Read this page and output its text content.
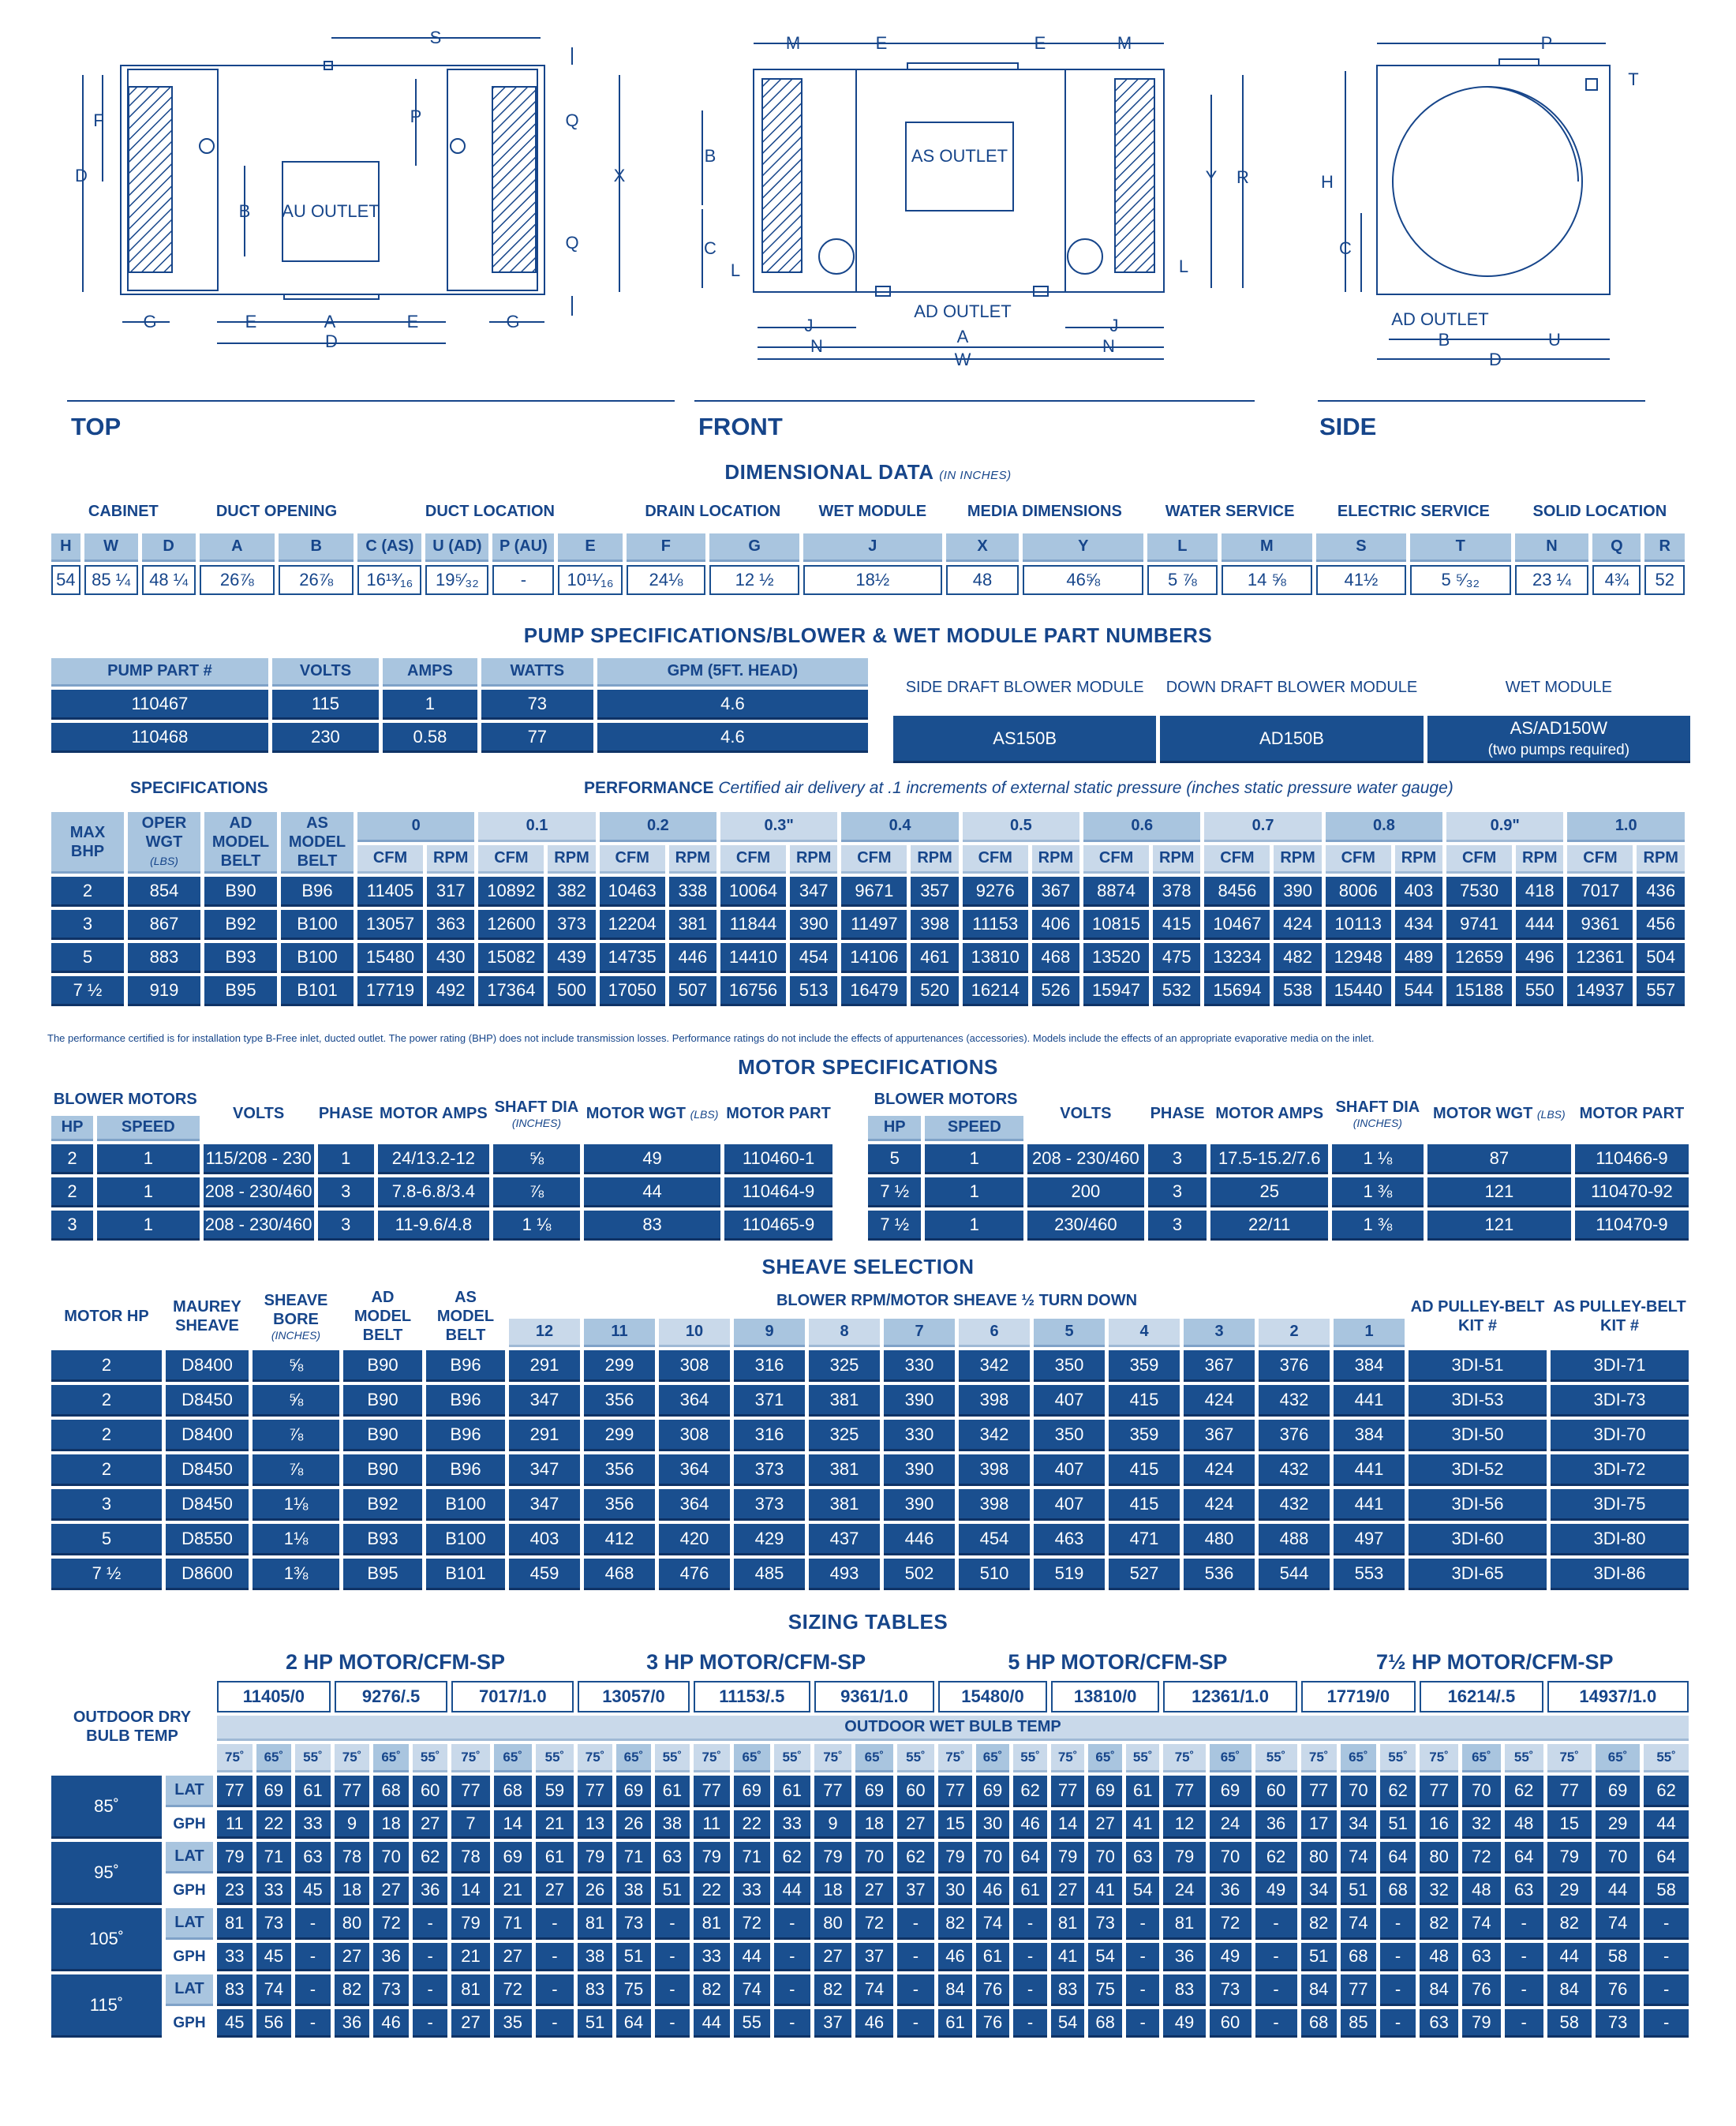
S
F
D
P	Q
X
Q
B AU OUTLET
G	E	A	E	G
D
M	E	E	M
B
C
L	L
Y R
AS OUTLET
AD OUTLET
J	J
A
N	N
W
P
T
H
C
AD OUTLET
B	U
D
TOP	FRONT	SIDE
DIMENSIONAL DATA (IN INCHES)
CABINET			DUCT OPENING		DUCT LOCATION				DRAIN LOCATION		WET MODULE	MEDIA DIMENSIONS		WATER SERVICE		ELECTRIC SERVICE		SOLID LOCATION		
H	W	D	A	B	C (AS)	U (AD)	P (AU)	E	F	G	J	X	Y	L	M	S	T	N	Q	R
54	85 ¼	48 ¼	26⅞	26⅞	16¹³⁄₁₆	19⁵⁄₃₂	-	10¹¹⁄₁₆	24⅛	12 ½	18½	48	46⅝	5 ⅞	14 ⅝	41½	5 ⁵⁄₃₂	23 ¼	4¾	52
PUMP SPECIFICATIONS/BLOWER & WET MODULE PART NUMBERS
PUMP PART #	VOLTS	AMPS	WATTS	GPM (5FT. HEAD)
110467	115	1	73	4.6
110468	230	0.58	77	4.6
SIDE DRAFT BLOWER MODULE	DOWN DRAFT BLOWER MODULE	WET MODULE
AS150B	AD150B	AS/AD150W
(two pumps required)
SPECIFICATIONS	PERFORMANCE Certified air delivery at .1 increments of external static pressure (inches static pressure water gauge)
MAX BHP	OPER WGT
(LBS)	AD MODEL BELT	AS MODEL BELT	0		0.1		0.2		0.3"		0.4		0.5		0.6		0.7		0.8		0.9"		1.0	
				CFM	RPM	CFM	RPM	CFM	RPM	CFM	RPM	CFM	RPM	CFM	RPM	CFM	RPM	CFM	RPM	CFM	RPM	CFM	RPM	CFM	RPM
2	854	B90	B96	11405	317	10892	382	10463	338	10064	347	9671	357	9276	367	8874	378	8456	390	8006	403	7530	418	7017	436
3	867	B92	B100	13057	363	12600	373	12204	381	11844	390	11497	398	11153	406	10815	415	10467	424	10113	434	9741	444	9361	456
5	883	B93	B100	15480	430	15082	439	14735	446	14410	454	14106	461	13810	468	13520	475	13234	482	12948	489	12659	496	12361	504
7 ½	919	B95	B101	17719	492	17364	500	17050	507	16756	513	16479	520	16214	526	15947	532	15694	538	15440	544	15188	550	14937	557
The performance certified is for installation type B-Free inlet, ducted outlet. The power rating (BHP) does not include transmission losses. Performance ratings do not include the effects of appurtenances (accessories). Models include the effects of an appropriate evaporative media on the inlet.
MOTOR SPECIFICATIONS
BLOWER MOTORS		VOLTS	PHASE	MOTOR AMPS	SHAFT DIA
(INCHES)	MOTOR WGT (LBS)	MOTOR PART
HP	SPEED						
2	1	115/208 - 230	1	24/13.2-12	⅝	49	110460-1
2	1	208 - 230/460	3	7.8-6.8/3.4	⅞	44	110464-9
3	1	208 - 230/460	3	11-9.6/4.8	1 ⅛	83	110465-9
BLOWER MOTORS		VOLTS	PHASE	MOTOR AMPS	SHAFT DIA
(INCHES)	MOTOR WGT (LBS)	MOTOR PART
HP	SPEED						
5	1	208 - 230/460	3	17.5-15.2/7.6	1 ⅛	87	110466-9
7 ½	1	200	3	25	1 ⅜	121	110470-92
7 ½	1	230/460	3	22/11	1 ⅜	121	110470-9
SHEAVE SELECTION
MOTOR HP	MAUREY SHEAVE	SHEAVE BORE
(INCHES)	AD MODEL BELT	AS MODEL BELT	BLOWER RPM/MOTOR SHEAVE ½ TURN DOWN												AD PULLEY-BELT KIT #	AS PULLEY-BELT KIT #
					12	11	10	9	8	7	6	5	4	3	2	1		
2	D8400	⅝	B90	B96	291	299	308	316	325	330	342	350	359	367	376	384	3DI-51	3DI-71
2	D8450	⅝	B90	B96	347	356	364	371	381	390	398	407	415	424	432	441	3DI-53	3DI-73
2	D8400	⅞	B90	B96	291	299	308	316	325	330	342	350	359	367	376	384	3DI-50	3DI-70
2	D8450	⅞	B90	B96	347	356	364	373	381	390	398	407	415	424	432	441	3DI-52	3DI-72
3	D8450	1⅛	B92	B100	347	356	364	373	381	390	398	407	415	424	432	441	3DI-56	3DI-75
5	D8550	1⅛	B93	B100	403	412	420	429	437	446	454	463	471	480	488	497	3DI-60	3DI-80
7 ½	D8600	1⅜	B95	B101	459	468	476	485	493	502	510	519	527	536	544	553	3DI-65	3DI-86
SIZING TABLES
		2 HP MOTOR/CFM-SP									3 HP MOTOR/CFM-SP									5 HP MOTOR/CFM-SP									7½ HP MOTOR/CFM-SP								
OUTDOOR DRY BULB TEMP		11405/0			9276/.5			7017/1.0			13057/0			11153/.5			9361/1.0			15480/0			13810/0			12361/1.0			17719/0			16214/.5			14937/1.0		
		OUTDOOR WET BULB TEMP																																			
		75˚	65˚	55˚	75˚	65˚	55˚	75˚	65˚	55˚	75˚	65˚	55˚	75˚	65˚	55˚	75˚	65˚	55˚	75˚	65˚	55˚	75˚	65˚	55˚	75˚	65˚	55˚	75˚	65˚	55˚	75˚	65˚	55˚	75˚	65˚	55˚
85˚	LAT	77	69	61	77	68	60	77	68	59	77	69	61	77	69	61	77	69	60	77	69	62	77	69	61	77	69	60	77	70	62	77	70	62	77	69	62
	GPH	11	22	33	9	18	27	7	14	21	13	26	38	11	22	33	9	18	27	15	30	46	14	27	41	12	24	36	17	34	51	16	32	48	15	29	44
95˚	LAT	79	71	63	78	70	62	78	69	61	79	71	63	79	71	62	79	70	62	79	70	64	79	70	63	79	70	62	80	74	64	80	72	64	79	70	64
	GPH	23	33	45	18	27	36	14	21	27	26	38	51	22	33	44	18	27	37	30	46	61	27	41	54	24	36	49	34	51	68	32	48	63	29	44	58
105˚	LAT	81	73	-	80	72	-	79	71	-	81	73	-	81	72	-	80	72	-	82	74	-	81	73	-	81	72	-	82	74	-	82	74	-	82	74	-
	GPH	33	45	-	27	36	-	21	27	-	38	51	-	33	44	-	27	37	-	46	61	-	41	54	-	36	49	-	51	68	-	48	63	-	44	58	-
115˚	LAT	83	74	-	82	73	-	81	72	-	83	75	-	82	74	-	82	74	-	84	76	-	83	75	-	83	73	-	84	77	-	84	76	-	84	76	-
	GPH	45	56	-	36	46	-	27	35	-	51	64	-	44	55	-	37	46	-	61	76	-	54	68	-	49	60	-	68	85	-	63	79	-	58	73	-
